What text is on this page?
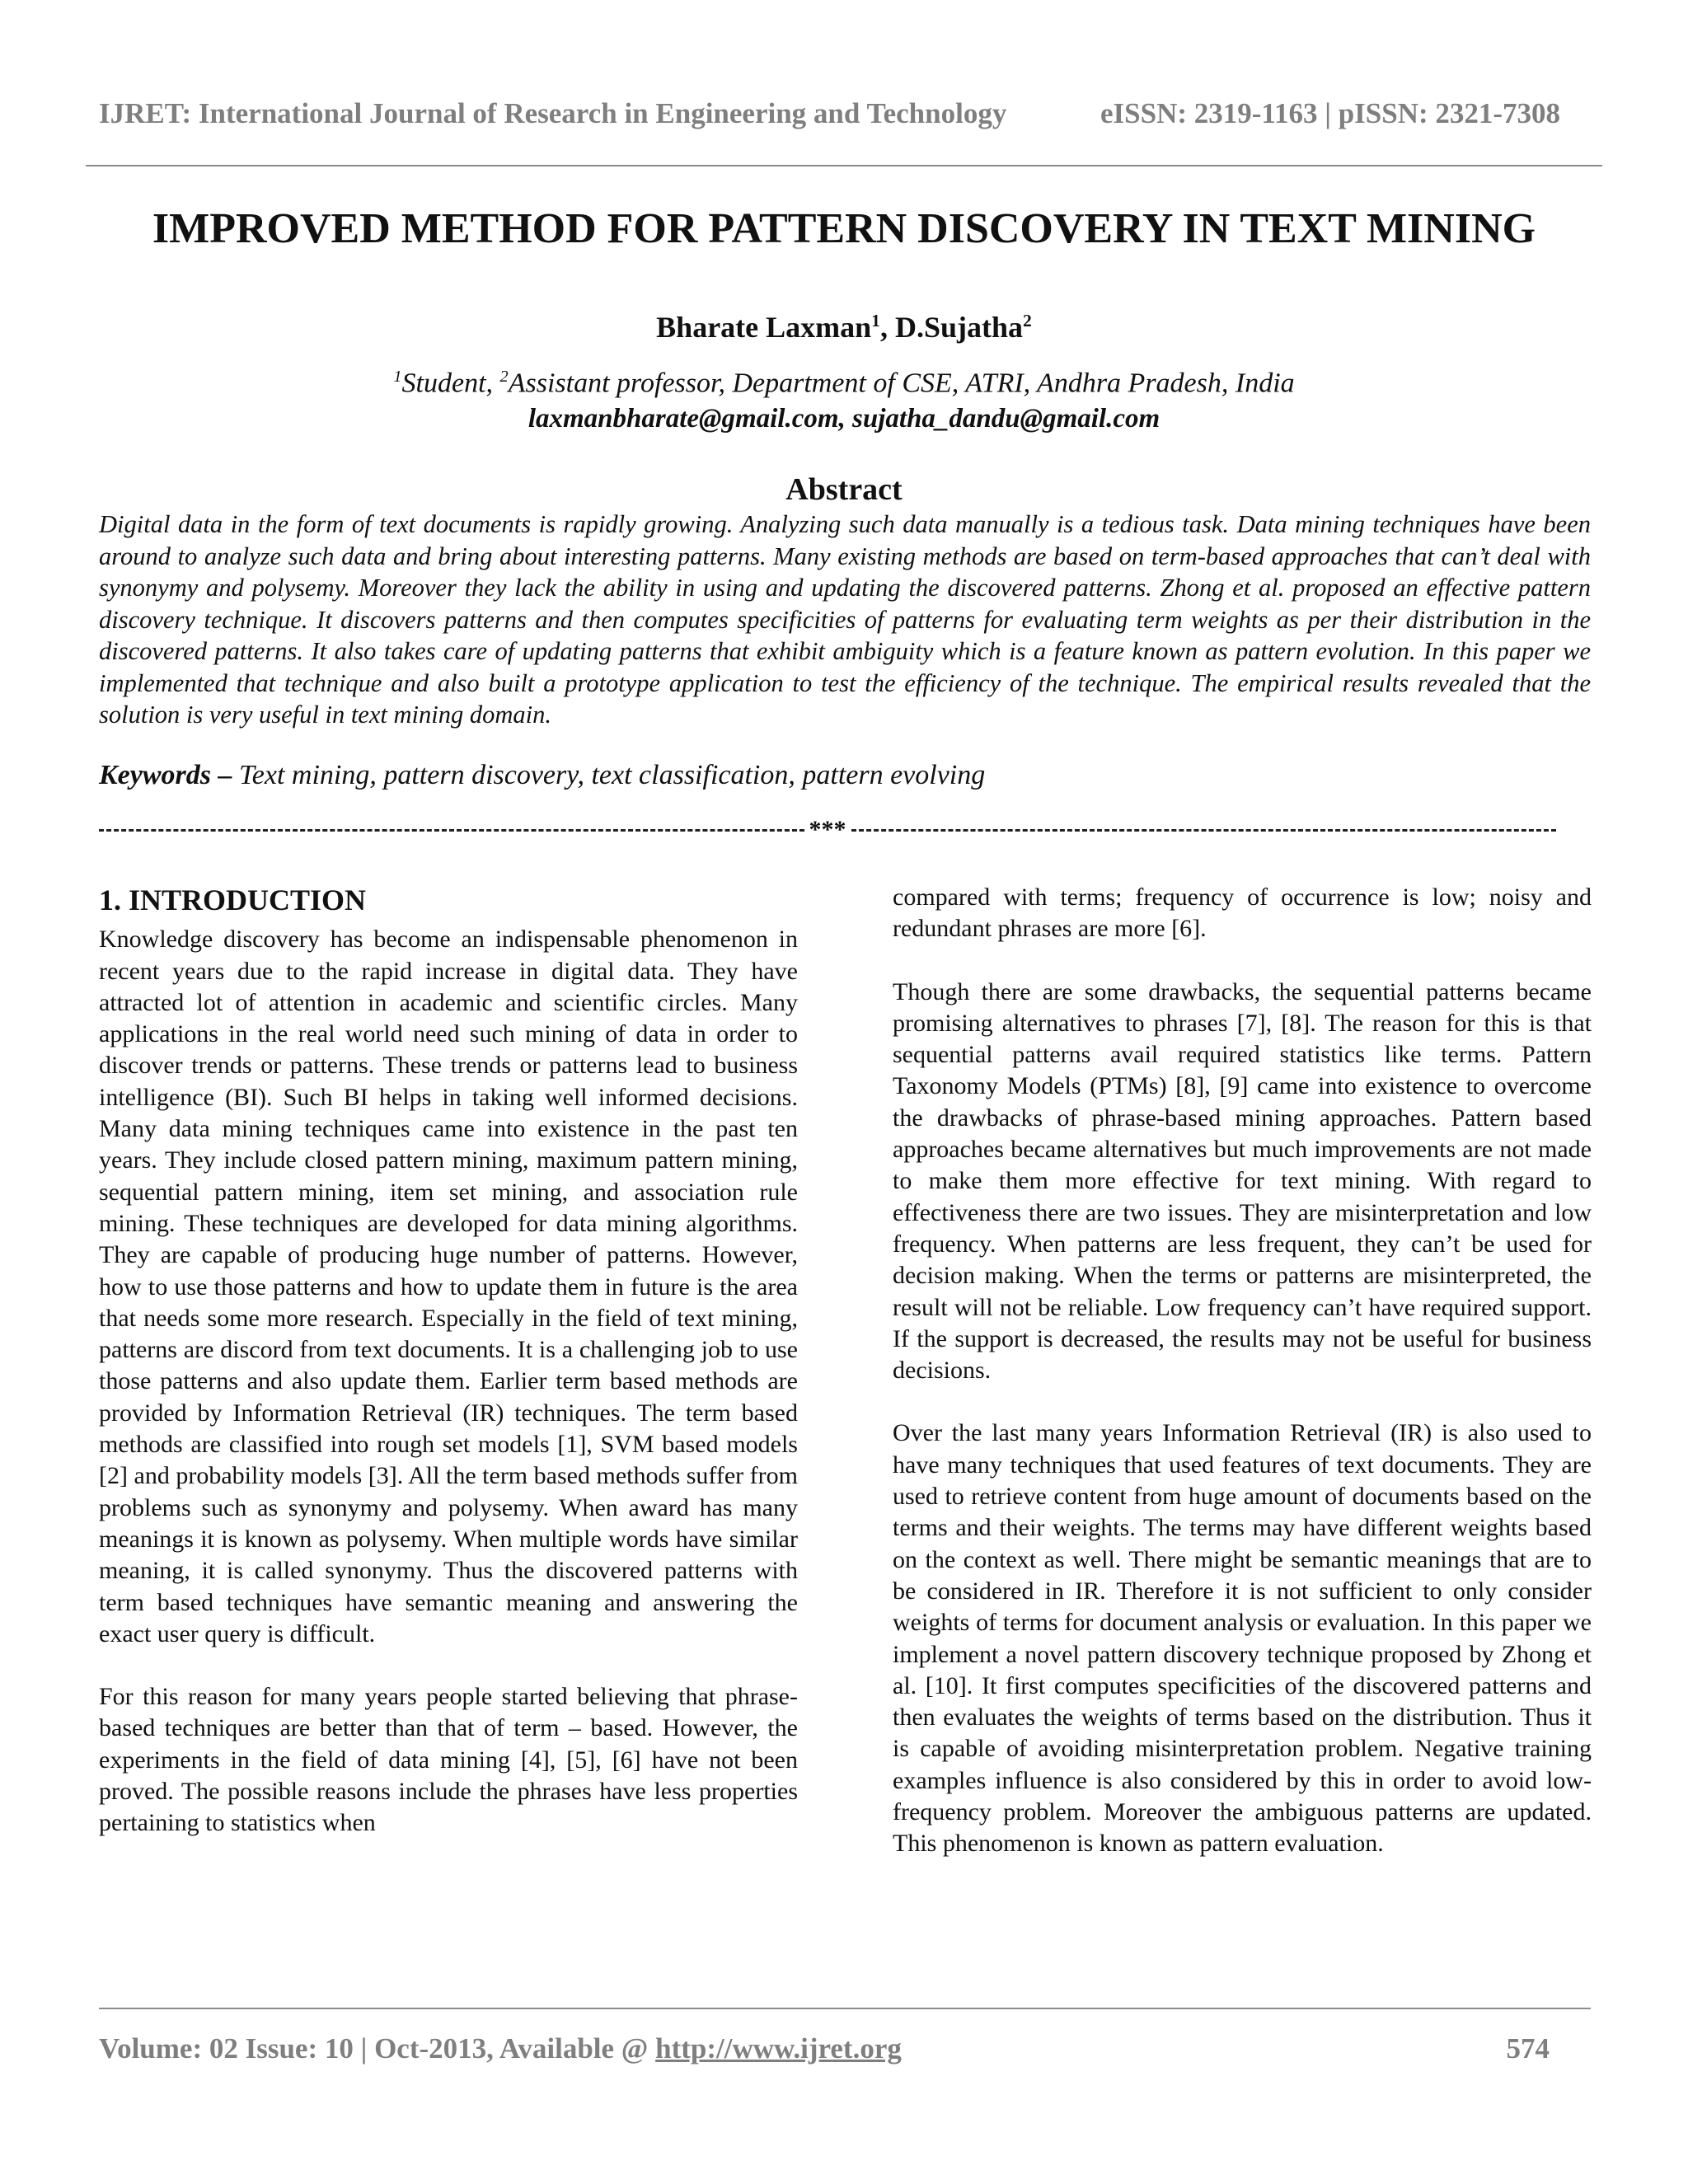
IJRET: International Journal of Research in Engineering and Technology	eISSN: 2319-1163 | pISSN: 2321-7308
IMPROVED METHOD FOR PATTERN DISCOVERY IN TEXT MINING
Bharate Laxman$^1$, D.Sujatha$^2$
$^1$Student, $^2$Assistant professor, Department of CSE, ATRI, Andhra Pradesh, India
laxmanbharate@gmail.com, sujatha_dandu@gmail.com
Abstract
Digital data in the form of text documents is rapidly growing. Analyzing such data manually is a tedious task. Data mining techniques have been around to analyze such data and bring about interesting patterns. Many existing methods are based on term-based approaches that can’t deal with synonymy and polysemy. Moreover they lack the ability in using and updating the discovered patterns. Zhong et al. proposed an effective pattern discovery technique. It discovers patterns and then computes specificities of patterns for evaluating term weights as per their distribution in the discovered patterns. It also takes care of updating patterns that exhibit ambiguity which is a feature known as pattern evolution. In this paper we implemented that technique and also built a prototype application to test the efficiency of the technique. The empirical results revealed that the solution is very useful in text mining domain.
Keywords – Text mining, pattern discovery, text classification, pattern evolving
***
1. INTRODUCTION

Knowledge discovery has become an indispensable phenomenon in recent years due to the rapid increase in digital data. They have attracted lot of attention in academic and scientific circles. Many applications in the real world need such mining of data in order to discover trends or patterns. These trends or patterns lead to business intelligence (BI). Such BI helps in taking well informed decisions. Many data mining techniques came into existence in the past ten years. They include closed pattern mining, maximum pattern mining, sequential pattern mining, item set mining, and association rule mining. These techniques are developed for data mining algorithms. They are capable of producing huge number of patterns. However, how to use those patterns and how to update them in future is the area that needs some more research. Especially in the field of text mining, patterns are discord from text documents. It is a challenging job to use those patterns and also update them. Earlier term based methods are provided by Information Retrieval (IR) techniques. The term based methods are classified into rough set models [1], SVM based models [2] and probability models [3]. All the term based methods suffer from problems such as synonymy and polysemy. When award has many meanings it is known as polysemy. When multiple words have similar meaning, it is called synonymy. Thus the discovered patterns with term based techniques have semantic meaning and answering the exact user query is difficult.

For this reason for many years people started believing that phrase-based techniques are better than that of term – based. However, the experiments in the field of data mining [4], [5], [6] have not been proved. The possible reasons include the phrases have less properties pertaining to statistics when

compared with terms; frequency of occurrence is low; noisy and redundant phrases are more [6].

Though there are some drawbacks, the sequential patterns became promising alternatives to phrases [7], [8]. The reason for this is that sequential patterns avail required statistics like terms. Pattern Taxonomy Models (PTMs) [8], [9] came into existence to overcome the drawbacks of phrase-based mining approaches. Pattern based approaches became alternatives but much improvements are not made to make them more effective for text mining. With regard to effectiveness there are two issues. They are misinterpretation and low frequency. When patterns are less frequent, they can’t be used for decision making. When the terms or patterns are misinterpreted, the result will not be reliable. Low frequency can’t have required support. If the support is decreased, the results may not be useful for business decisions.

Over the last many years Information Retrieval (IR) is also used to have many techniques that used features of text documents. They are used to retrieve content from huge amount of documents based on the terms and their weights. The terms may have different weights based on the context as well. There might be semantic meanings that are to be considered in IR. Therefore it is not sufficient to only consider weights of terms for document analysis or evaluation. In this paper we implement a novel pattern discovery technique proposed by Zhong et al. [10]. It first computes specificities of the discovered patterns and then evaluates the weights of terms based on the distribution. Thus it is capable of avoiding misinterpretation problem. Negative training examples influence is also considered by this in order to avoid low-frequency problem. Moreover the ambiguous patterns are updated. This phenomenon is known as pattern evaluation.

Volume: 02 Issue: 10 | Oct-2013, Available @ http://www.ijret.org	574
